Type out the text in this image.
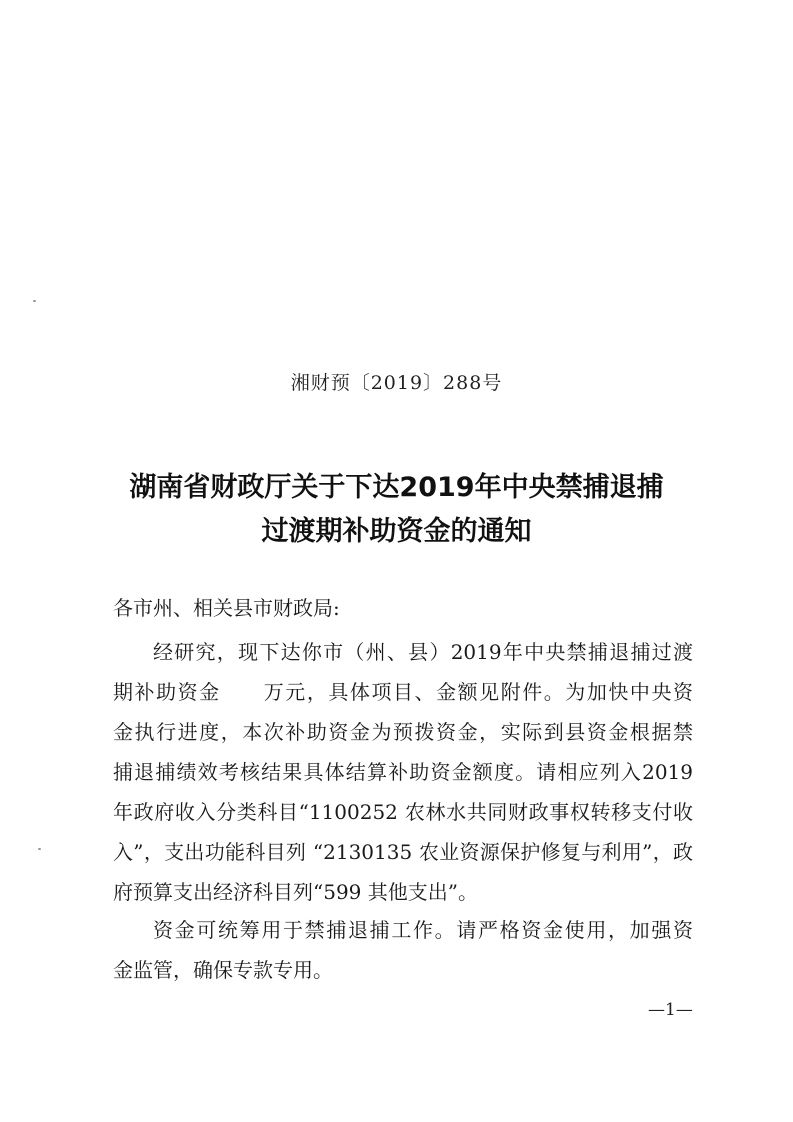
湘财预〔2019〕288号
湖南省财政厅关于下达2019年中央禁捕退捕
过渡期补助资金的通知
各市州、相关县市财政局:
经研究，现下达你市（州、县）2019年中央禁捕退捕过渡
期补助资金　　万元，具体项目、金额见附件。为加快中央资
金执行进度，本次补助资金为预拨资金，实际到县资金根据禁
捕退捕绩效考核结果具体结算补助资金额度。请相应列入2019
年政府收入分类科目“1100252 农林水共同财政事权转移支付收
入”，支出功能科目列 “2130135 农业资源保护修复与利用”，政
府预算支出经济科目列“599 其他支出”。
资金可统筹用于禁捕退捕工作。请严格资金使用，加强资
金监管，确保专款专用。
—1—
